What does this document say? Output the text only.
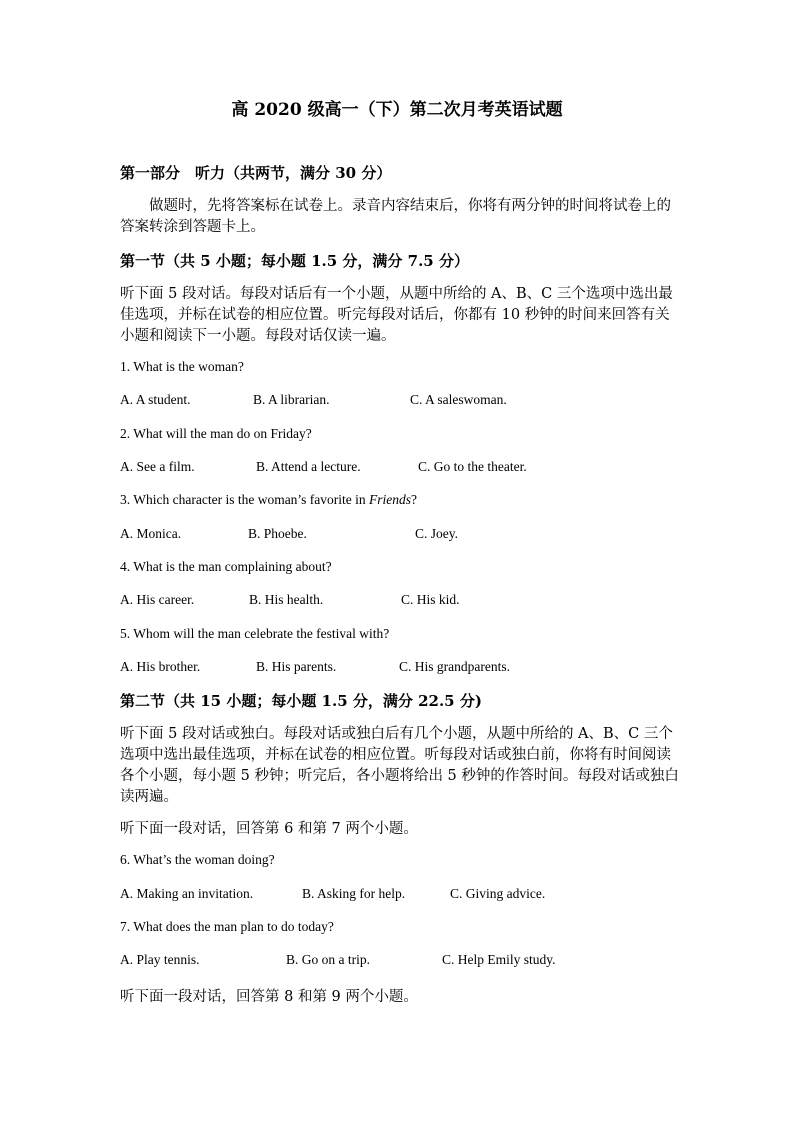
高 2020 级高一（下）第二次月考英语试题
第一部分　听力（共两节，满分 30 分）
做题时，先将答案标在试卷上。录音内容结束后，你将有两分钟的时间将试卷上的答案转涂到答题卡上。
第一节（共 5 小题；每小题 1.5 分，满分 7.5 分）
听下面 5 段对话。每段对话后有一个小题，从题中所给的 A、B、C 三个选项中选出最佳选项，并标在试卷的相应位置。听完每段对话后，你都有 10 秒钟的时间来回答有关小题和阅读下一小题。每段对话仅读一遍。
1. What is the woman?
A. A student.	B. A librarian.	C. A saleswoman.
2. What will the man do on Friday?
A. See a film.	B. Attend a lecture.	C. Go to the theater.
3. Which character is the woman’s favorite in Friends?
A. Monica.	B. Phoebe.	C. Joey.
4. What is the man complaining about?
A. His career.	B. His health.	C. His kid.
5. Whom will the man celebrate the festival with?
A. His brother.	B. His parents.	C. His grandparents.
第二节（共 15 小题；每小题 1.5 分，满分 22.5 分)
听下面 5 段对话或独白。每段对话或独白后有几个小题，从题中所给的 A、B、C 三个选项中选出最佳选项，并标在试卷的相应位置。听每段对话或独白前，你将有时间阅读各个小题，每小题 5 秒钟；听完后，各小题将给出 5 秒钟的作答时间。每段对话或独白读两遍。
听下面一段对话，回答第 6 和第 7 两个小题。
6. What’s the woman doing?
A. Making an invitation.	B. Asking for help.	C. Giving advice.
7. What does the man plan to do today?
A. Play tennis.	B. Go on a trip.	C. Help Emily study.
听下面一段对话，回答第 8 和第 9 两个小题。
